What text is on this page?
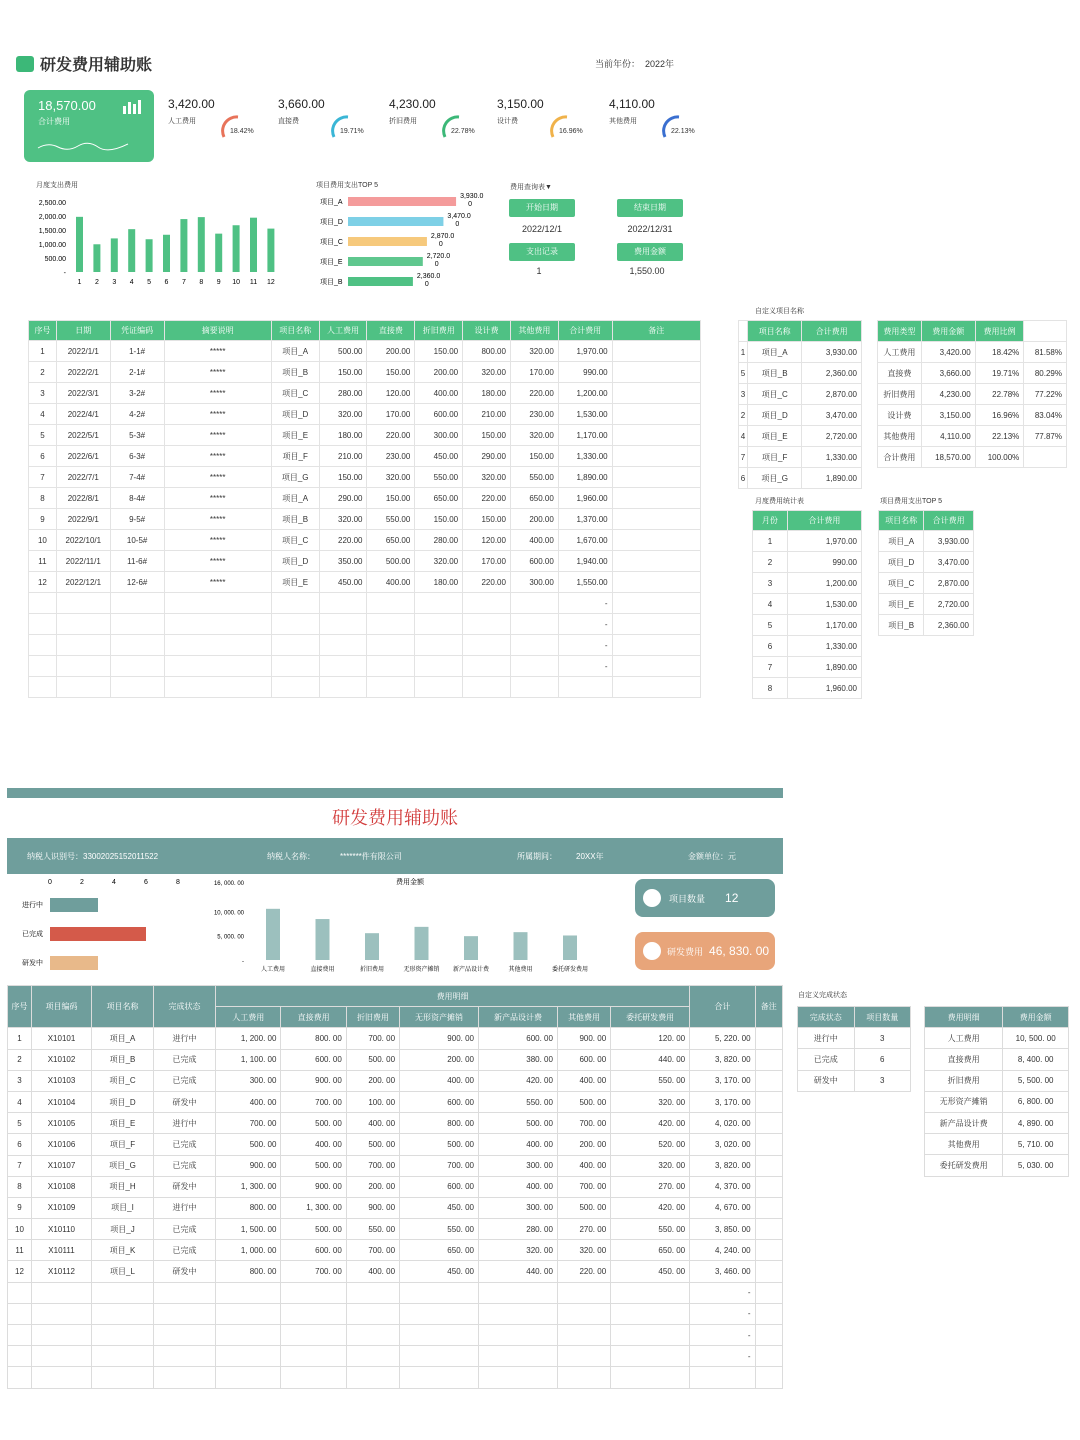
研发费用辅助账	当前年份： 2022年
18,570.00
合计费用
3,420.00
人工费用
18.42%
3,660.00
直接费
19.71%
4,230.00
折旧费用
22.78%
3,150.00
设计费
16.96%
4,110.00
其他费用
22.13%
月度支出费用
500.00
1,000.00
1,500.00
2,000.00
2,500.00
-
1 2 3 4 5 6 7 8 9 10 11 12
项目费用支出TOP 5
项目_A
3,930.0
0
项目_D
3,470.0
0
项目_C
2,870.0
0
项目_E
2,720.0
0
项目_B
2,360.0
0
费用查询表▼
开始日期	结束日期
2022/12/1	2022/12/31
支出记录	费用金额
1	1,550.00
序号	日期	凭证编码	摘要说明	项目名称	人工费用	直接费	折旧费用	设计费	其他费用	合计费用	备注
1	2022/1/1	1-1#	*****	项目_A	500.00	200.00	150.00	800.00	320.00	1,970.00	
2	2022/2/1	2-1#	*****	项目_B	150.00	150.00	200.00	320.00	170.00	990.00	
3	2022/3/1	3-2#	*****	项目_C	280.00	120.00	400.00	180.00	220.00	1,200.00	
4	2022/4/1	4-2#	*****	项目_D	320.00	170.00	600.00	210.00	230.00	1,530.00	
5	2022/5/1	5-3#	*****	项目_E	180.00	220.00	300.00	150.00	320.00	1,170.00	
6	2022/6/1	6-3#	*****	项目_F	210.00	230.00	450.00	290.00	150.00	1,330.00	
7	2022/7/1	7-4#	*****	项目_G	150.00	320.00	550.00	320.00	550.00	1,890.00	
8	2022/8/1	8-4#	*****	项目_A	290.00	150.00	650.00	220.00	650.00	1,960.00	
9	2022/9/1	9-5#	*****	项目_B	320.00	550.00	150.00	150.00	200.00	1,370.00	
10	2022/10/1	10-5#	*****	项目_C	220.00	650.00	280.00	120.00	400.00	1,670.00	
11	2022/11/1	11-6#	*****	项目_D	350.00	500.00	320.00	170.00	600.00	1,940.00	
12	2022/12/1	12-6#	*****	项目_E	450.00	400.00	180.00	220.00	300.00	1,550.00	
										-	
										-	
										-	
										-	

自定义项目名称
	项目名称	合计费用
1	项目_A	3,930.00
5	项目_B	2,360.00
3	项目_C	2,870.00
2	项目_D	3,470.00
4	项目_E	2,720.00
7	项目_F	1,330.00
6	项目_G	1,890.00
费用类型	费用金额	费用比例	
人工费用	3,420.00	18.42%	81.58%
直接费	3,660.00	19.71%	80.29%
折旧费用	4,230.00	22.78%	77.22%
设计费	3,150.00	16.96%	83.04%
其他费用	4,110.00	22.13%	77.87%
合计费用	18,570.00	100.00%	
月度费用统计表
月份	合计费用
1	1,970.00
2	990.00
3	1,200.00
4	1,530.00
5	1,170.00
6	1,330.00
7	1,890.00
8	1,960.00
项目费用支出TOP 5
项目名称	合计费用
项目_A	3,930.00
项目_D	3,470.00
项目_C	2,870.00
项目_E	2,720.00
项目_B	2,360.00
研发费用辅助账
纳税人识别号：330020251520115​22	纳税人名称：	*******件有限公司	所属期间： 20XX年	金额单位：元
0	2	4	6	8
进行中
已完成
研发中
5, 000. 00
10, 000. 00
16, 000. 00
-
费用金额
人工费用	直接费用	折旧费用	无形资产摊销 新产品设计费	其他费用	委托研发费用
项目数量 12
研发费用 46, 830. 00
序号	项目编码	项目名称	完成状态	费用明细							合计	备注
				人工费用	直接费用	折旧费用	无形资产摊销	新产品设计费	其他费用	委托研发费用		
1	X10101	项目_A	进行中	1, 200. 00	800. 00	700. 00	900. 00	600. 00	900. 00	120. 00	5, 220. 00	
2	X10102	项目_B	已完成	1, 100. 00	600. 00	500. 00	200. 00	380. 00	600. 00	440. 00	3, 820. 00	
3	X10103	项目_C	已完成	300. 00	900. 00	200. 00	400. 00	420. 00	400. 00	550. 00	3, 170. 00	
4	X10104	项目_D	研发中	400. 00	700. 00	100. 00	600. 00	550. 00	500. 00	320. 00	3, 170. 00	
5	X10105	项目_E	进行中	700. 00	500. 00	400. 00	800. 00	500. 00	700. 00	420. 00	4, 020. 00	
6	X10106	项目_F	已完成	500. 00	400. 00	500. 00	500. 00	400. 00	200. 00	520. 00	3, 020. 00	
7	X10107	项目_G	已完成	900. 00	500. 00	700. 00	700. 00	300. 00	400. 00	320. 00	3, 820. 00	
8	X10108	项目_H	研发中	1, 300. 00	900. 00	200. 00	600. 00	400. 00	700. 00	270. 00	4, 370. 00	
9	X10109	项目_I	进行中	800. 00	1, 300. 00	900. 00	450. 00	300. 00	500. 00	420. 00	4, 670. 00	
10	X10110	项目_J	已完成	1, 500. 00	500. 00	550. 00	550. 00	280. 00	270. 00	550. 00	3, 850. 00	
11	X10111	项目_K	已完成	1, 000. 00	600. 00	700. 00	650. 00	320. 00	320. 00	650. 00	4, 240. 00	
12	X10112	项目_L	研发中	800. 00	700. 00	400. 00	450. 00	440. 00	220. 00	450. 00	3, 460. 00	
											-	
											-	
											-	
											-	

自定义完成状态
完成状态	项目数量
进行中	3
已完成	6
研发中	3
费用明细	费用金额
人工费用	10, 500. 00
直接费用	8, 400. 00
折旧费用	5, 500. 00
无形资产摊销	6, 800. 00
新产品设计费	4, 890. 00
其他费用	5, 710. 00
委托研发费用	5, 030. 00
